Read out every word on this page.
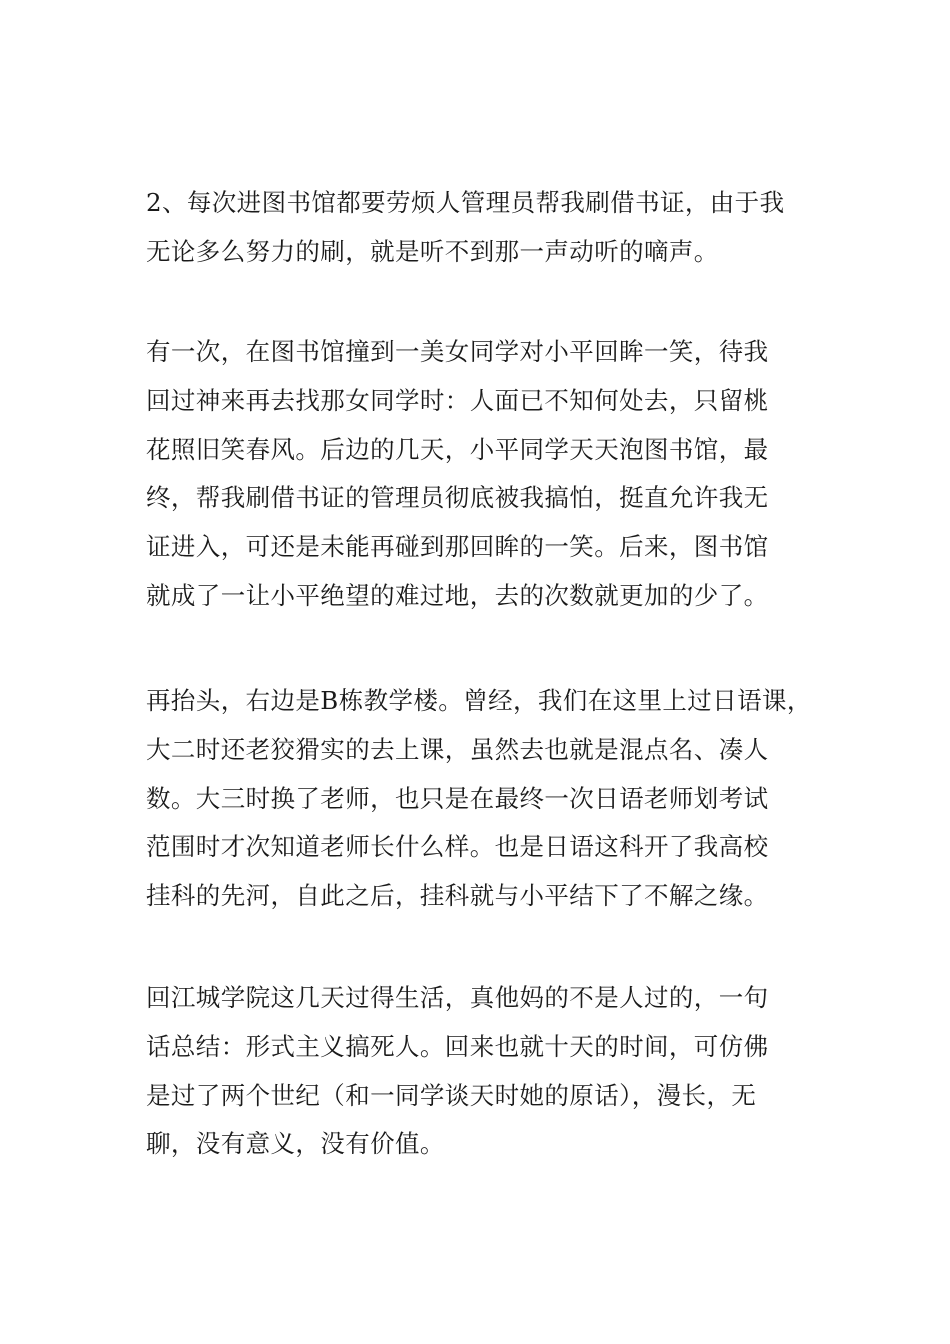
2、每次进图书馆都要劳烦人管理员帮我刷借书证，由于我
无论多么努力的刷，就是听不到那一声动听的嘀声。

有一次，在图书馆撞到一美女同学对小平回眸一笑，待我
回过神来再去找那女同学时：人面已不知何处去，只留桃
花照旧笑春风。后边的几天，小平同学天天泡图书馆，最
终，帮我刷借书证的管理员彻底被我搞怕，挺直允许我无
证进入，可还是未能再碰到那回眸的一笑。后来，图书馆
就成了一让小平绝望的难过地，去的次数就更加的少了。

再抬头，右边是B栋教学楼。曾经，我们在这里上过日语课，
大二时还老狡猾实的去上课，虽然去也就是混点名、凑人
数。大三时换了老师，也只是在最终一次日语老师划考试
范围时才次知道老师长什么样。也是日语这科开了我高校
挂科的先河，自此之后，挂科就与小平结下了不解之缘。

回江城学院这几天过得生活，真他妈的不是人过的，一句
话总结：形式主义搞死人。回来也就十天的时间，可仿佛
是过了两个世纪（和一同学谈天时她的原话），漫长，无
聊，没有意义，没有价值。
